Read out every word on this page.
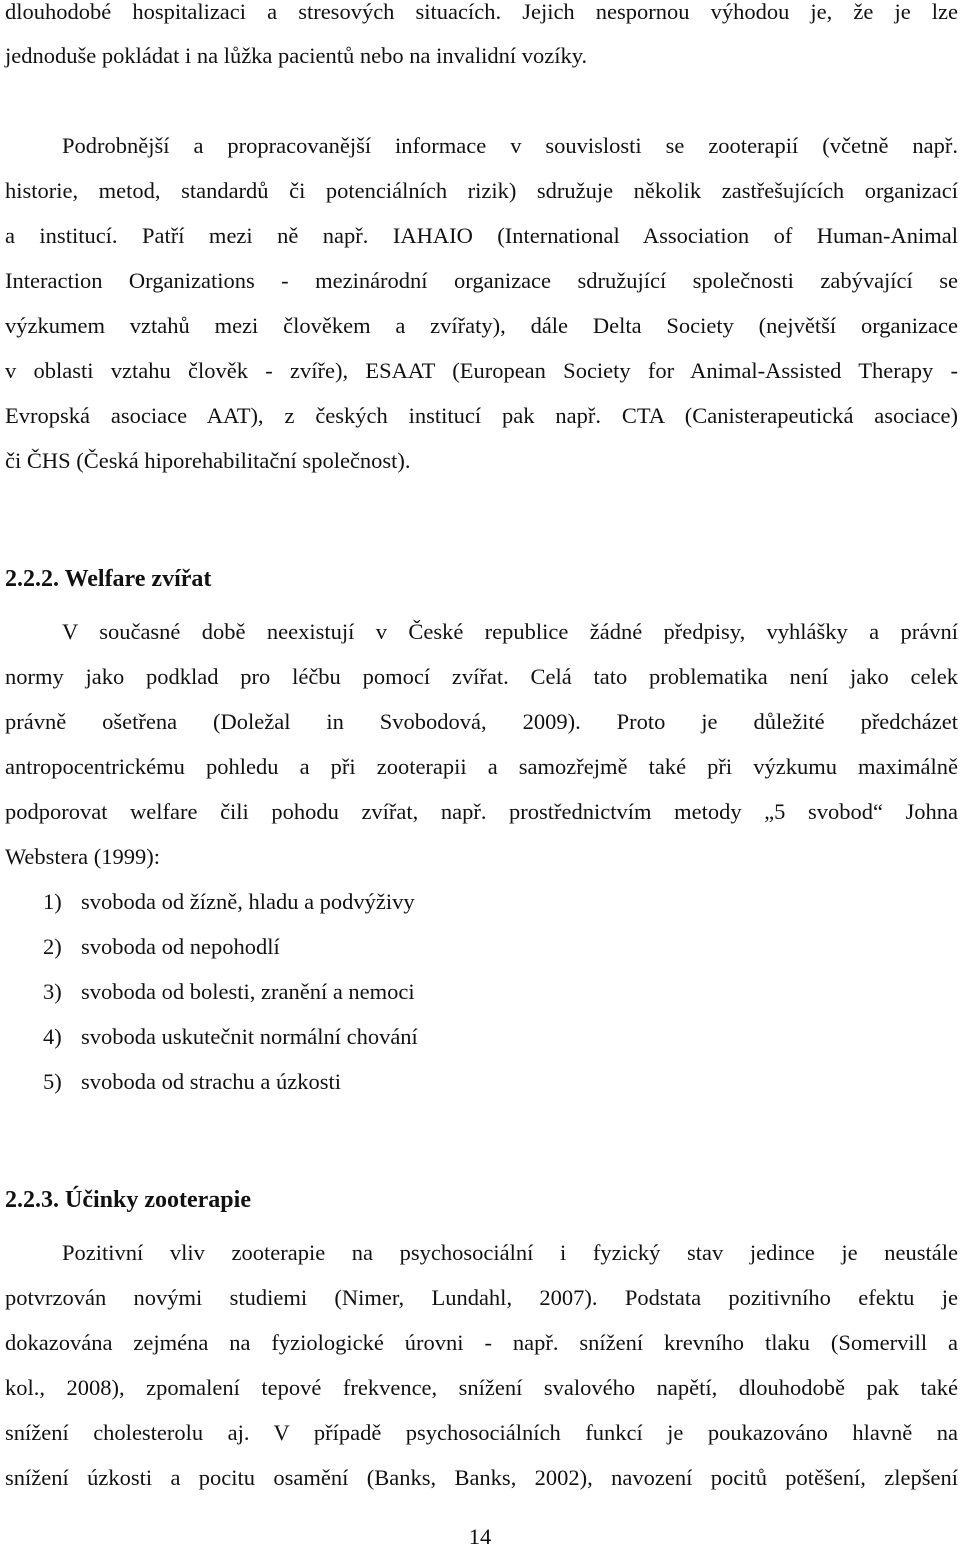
dlouhodobé hospitalizaci a stresových situacích. Jejich nespornou výhodou je, že je lze
jednoduše pokládat i na lůžka pacientů nebo na invalidní vozíky.
Podrobnější a propracovanější informace v souvislosti se zooterapií (včetně např.
historie, metod, standardů či potenciálních rizik) sdružuje několik zastřešujících organizací
a institucí. Patří mezi ně např. IAHAIO (International Association of Human-Animal
Interaction Organizations - mezinárodní organizace sdružující společnosti zabývající se
výzkumem vztahů mezi člověkem a zvířaty), dále Delta Society (největší organizace
v oblasti vztahu člověk - zvíře), ESAAT (European Society for Animal-Assisted Therapy -
Evropská asociace AAT), z českých institucí pak např. CTA (Canisterapeutická asociace)
či ČHS (Česká hiporehabilitační společnost).
2.2.2. Welfare zvířat
V současné době neexistují v České republice žádné předpisy, vyhlášky a právní
normy jako podklad pro léčbu pomocí zvířat. Celá tato problematika není jako celek
právně ošetřena (Doležal in Svobodová, 2009). Proto je důležité předcházet
antropocentrickému pohledu a při zooterapii a samozřejmě také při výzkumu maximálně
podporovat welfare čili pohodu zvířat, např. prostřednictvím metody „5 svobod“ Johna
Webstera (1999):
1) svoboda od žízně, hladu a podvýživy
2) svoboda od nepohodlí
3) svoboda od bolesti, zranění a nemoci
4) svoboda uskutečnit normální chování
5) svoboda od strachu a úzkosti
2.2.3. Účinky zooterapie
Pozitivní vliv zooterapie na psychosociální i fyzický stav jedince je neustále
potvrzován novými studiemi (Nimer, Lundahl, 2007). Podstata pozitivního efektu je
dokazována zejména na fyziologické úrovni - např. snížení krevního tlaku (Somervill a
kol., 2008), zpomalení tepové frekvence, snížení svalového napětí, dlouhodobě pak také
snížení cholesterolu aj. V případě psychosociálních funkcí je poukazováno hlavně na
snížení úzkosti a pocitu osamění (Banks, Banks, 2002), navození pocitů potěšení, zlepšení
14
